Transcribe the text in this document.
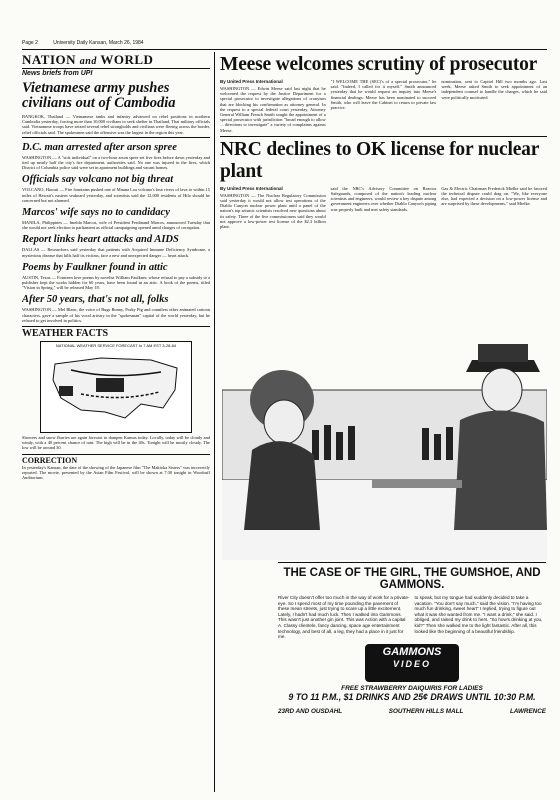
Page 2	University Daily Kansan, March 26, 1984
NATION and WORLD
News briefs from UPI
Vietnamese army pushes civilians out of Cambodia
BANGKOK, Thailand — Vietnamese tanks and infantry advanced on rebel positions in northern Cambodia yesterday, forcing more than 10,000 civilians to seek shelter in Thailand, Thai military officials said. Vietnamese troops have seized several rebel strongholds and civilians were fleeing across the border, relief officials said. The spokesmen said the offensive was the largest in the region this year.
D.C. man arrested after arson spree
WASHINGTON — A "sick individual" on a two-hour arson spree set five fires before dawn yesterday and tied up nearly half the city's fire department, authorities said. No one was injured in the fires, which District of Columbia police said were set in apartment buildings and vacant homes.
Officials say volcano not big threat
VOLCANO, Hawaii — Fire fountains pushed one of Mauna Loa volcano's four rivers of lava to within 15 miles of Hawaii's eastern seaboard yesterday, and scientists said the 12,000 residents of Hilo should be concerned but not alarmed.
Marcos' wife says no to candidacy
MANILA, Philippines — Imelda Marcos, wife of President Ferdinand Marcos, announced Tuesday that she would not seek election to parliament as official campaigning opened amid charges of corruption.
Report links heart attacks and AIDS
DALLAS — Researchers said yesterday that patients with Acquired Immune Deficiency Syndrome, a mysterious disease that kills half its victims, face a new and unexpected danger — heart attack.
Poems by Faulkner found in attic
AUSTIN, Texas — Fourteen love poems by novelist William Faulkner, whose refusal to pay a subsidy to a publisher kept the works hidden for 60 years, have been found in an attic. A book of the poems, titled "Vision in Spring," will be released May 18.
After 50 years, that's not all, folks
WASHINGTON — Mel Blanc, the voice of Bugs Bunny, Porky Pig and countless other animated cartoon characters, gave a sample of his vocal artistry in the "spokesman" capital of the world yesterday, but he refused to get involved in politics.
WEATHER FACTS
NATIONAL WEATHER SERVICE FORECAST to 7 AM EST 3-28-84
Showers and snow flurries are again forecast to dampen Kansas today. Locally, today will be cloudy and windy, with a 40 percent chance of rain. The high will be in the 40s. Tonight will be mostly cloudy. The low will be around 30.
CORRECTION
In yesterday's Kansan, the date of the showing of the Japanese film "The Makioka Sisters" was incorrectly reported. The movie, presented by the Asian Film Festival, will be shown at 7:30 tonight in Woodruff Auditorium.
Meese welcomes scrutiny of prosecutor
By United Press International
WASHINGTON — Edwin Meese said last night that he welcomed the request by the Justice Department for a special prosecutor to investigate allegations of cronyism that are blocking his confirmation as attorney general. In the request to a special federal court yesterday, Attorney General William French Smith sought the appointment of a special prosecutor with jurisdiction "broad enough to allow ... directions to investigate" a variety of complaints against Meese.
"I WELCOME THE (SEC)'s of a special prosecutor," he said. "Indeed, I called for it myself." Smith announced yesterday that he would request an inquiry into Meese's financial dealings. Meese has been nominated to succeed Smith, who will leave the Cabinet to return to private law practice.
nomination, sent to Capitol Hill two months ago. Last week, Meese asked Smith to seek appointment of an independent counsel to handle the charges, which he said were politically motivated.
NRC declines to OK license for nuclear plant
By United Press International
WASHINGTON — The Nuclear Regulatory Commission said yesterday it would not allow test operations of the Diablo Canyon nuclear power plant until a panel of the nation's top seismic scientists resolved new questions about its safety. Three of the five commissioners said they would not approve a low-power test license of the $2.3 billion plant.
said the NRC's Advisory Committee on Reactor Safeguards, composed of the nation's leading nuclear scientists and engineers, would review a key dispute among government engineers over whether Diablo Canyon's piping was properly built and met safety standards.
Gas & Electric Chairman Frederick Mielke said he favored the technical dispute could drag on. "We, like everyone else, had expected a decision on a low-power license and are surprised by these developments," said Mielke.
THE CASE OF THE GIRL, THE GUMSHOE, AND GAMMONS.
River City doesn't offer too much in the way of work for a private-eye. So I spend most of my time pounding the pavement of these mean streets, just trying to scare up a little excitement. Lately, I hadn't had much luck. Then I walked into Gammons. This wasn't just another gin joint. This was Action with a capital A. Classy clientele, fancy dancing, space age entertainment technology, and best of all, a leg, they had a place in it just for me.
to speak, but my tongue had suddenly decided to take a vacation. "You don't say much," said the vision. "I'm having too much fun drinking, sweet heart" I replied, trying to figure out what it was she wanted from me. "I want a drink," she said. I obliged, and raised my drink to hers. "So how's drinking at you, kid?" Then she walked me to the light fantastic. After all, this looked like the beginning of a beautiful friendship.
GAMMONS
VIDEO
FREE STRAWBERRY DAIQUIRIS FOR LADIES
9 TO 11 P.M., $1 DRINKS AND 25¢ DRAWS UNTIL 10:30 P.M.
23RD AND OUSDAHL	SOUTHERN HILLS MALL	LAWRENCE
